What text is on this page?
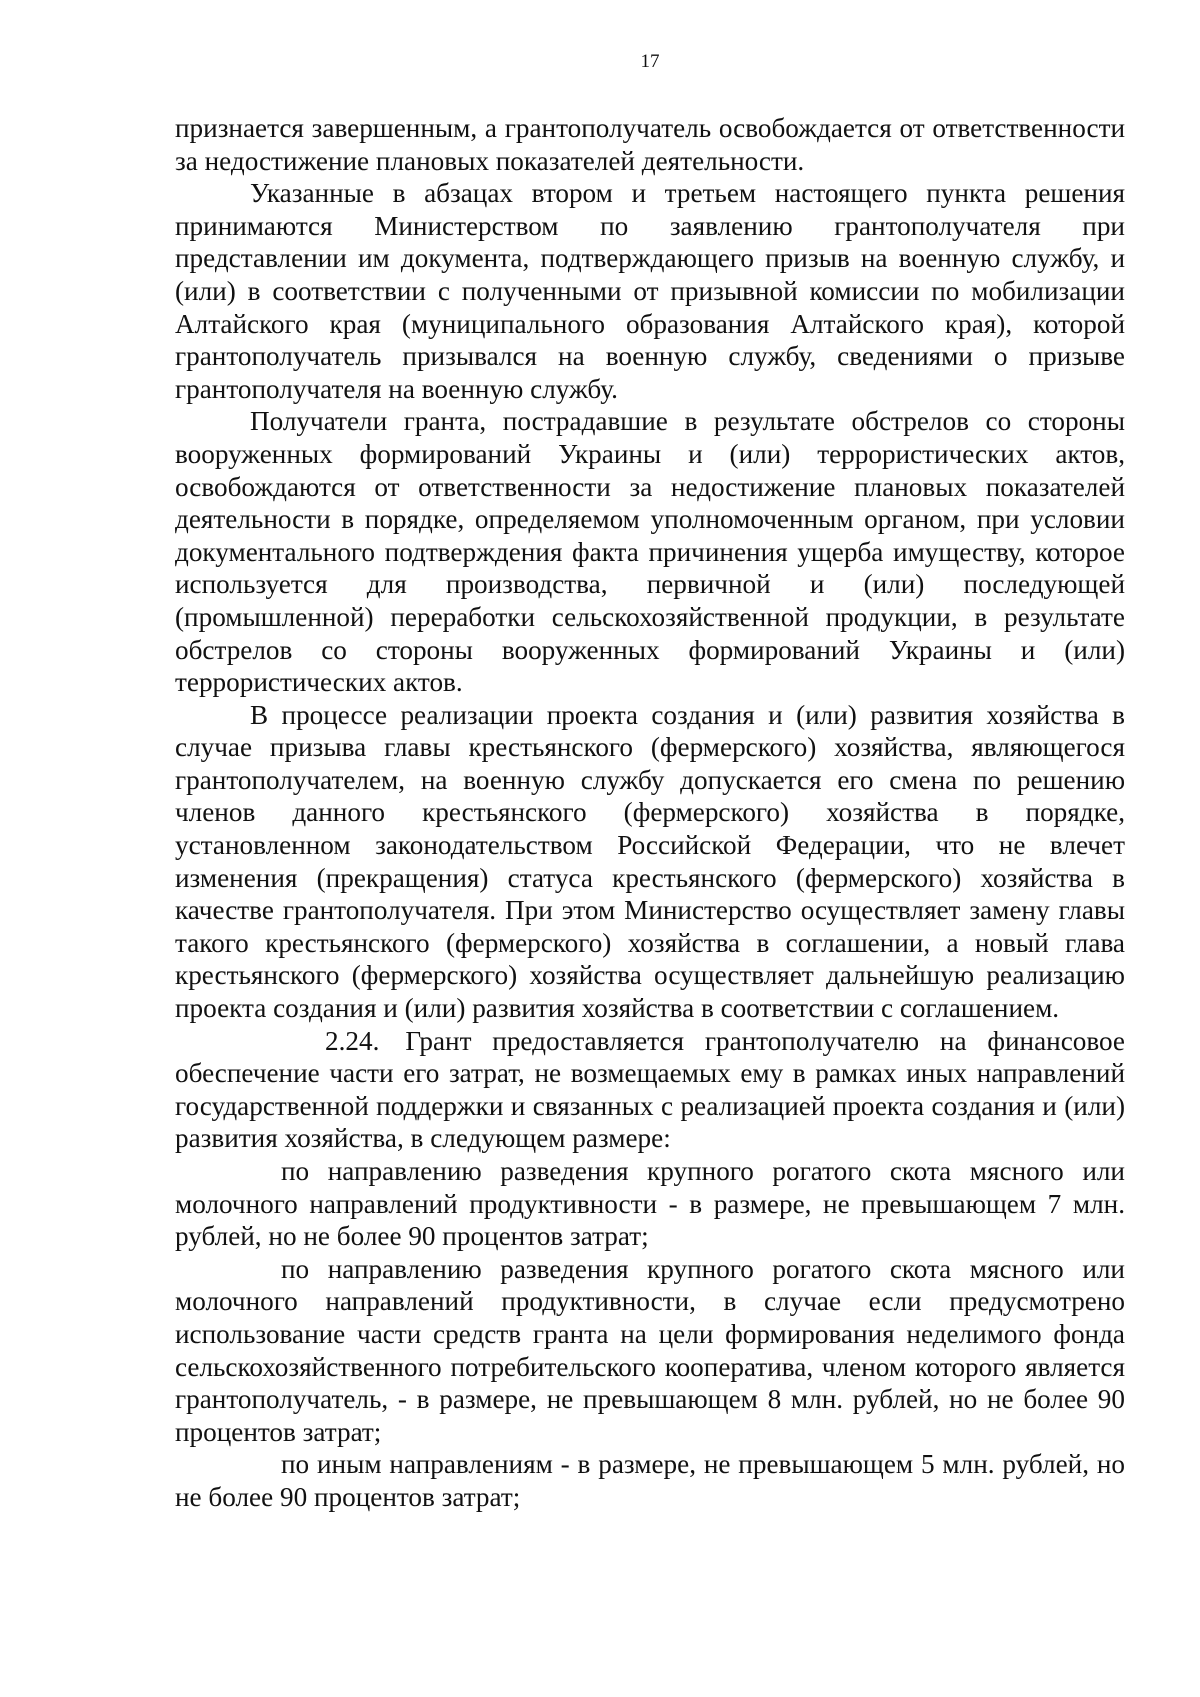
17

признается завершенным, а грантополучатель освобождается от ответственности за недостижение плановых показателей деятельности.

Указанные в абзацах втором и третьем настоящего пункта решения принимаются Министерством по заявлению грантополучателя при представлении им документа, подтверждающего призыв на военную службу, и (или) в соответствии с полученными от призывной комиссии по мобилизации Алтайского края (муниципального образования Алтайского края), которой грантополучатель призывался на военную службу, сведениями о призыве грантополучателя на военную службу.

Получатели гранта, пострадавшие в результате обстрелов со стороны вооруженных формирований Украины и (или) террористических актов, освобождаются от ответственности за недостижение плановых показателей деятельности в порядке, определяемом уполномоченным органом, при условии документального подтверждения факта причинения ущерба имуществу, которое используется для производства, первичной и (или) последующей (промышленной) переработки сельскохозяйственной продукции, в результате обстрелов со стороны вооруженных формирований Украины и (или) террористических актов.

В процессе реализации проекта создания и (или) развития хозяйства в случае призыва главы крестьянского (фермерского) хозяйства, являющегося грантополучателем, на военную службу допускается его смена по решению членов данного крестьянского (фермерского) хозяйства в порядке, установленном законодательством Российской Федерации, что не влечет изменения (прекращения) статуса крестьянского (фермерского) хозяйства в качестве грантополучателя. При этом Министерство осуществляет замену главы такого крестьянского (фермерского) хозяйства в соглашении, а новый глава крестьянского (фермерского) хозяйства осуществляет дальнейшую реализацию проекта создания и (или) развития хозяйства в соответствии с соглашением.

2.24. Грант предоставляется грантополучателю на финансовое обеспечение части его затрат, не возмещаемых ему в рамках иных направлений государственной поддержки и связанных с реализацией проекта создания и (или) развития хозяйства, в следующем размере:

по направлению разведения крупного рогатого скота мясного или молочного направлений продуктивности - в размере, не превышающем 7 млн. рублей, но не более 90 процентов затрат;

по направлению разведения крупного рогатого скота мясного или молочного направлений продуктивности, в случае если предусмотрено использование части средств гранта на цели формирования неделимого фонда сельскохозяйственного потребительского кооператива, членом которого является грантополучатель, - в размере, не превышающем 8 млн. рублей, но не более 90 процентов затрат;

по иным направлениям - в размере, не превышающем 5 млн. рублей, но не более 90 процентов затрат;
